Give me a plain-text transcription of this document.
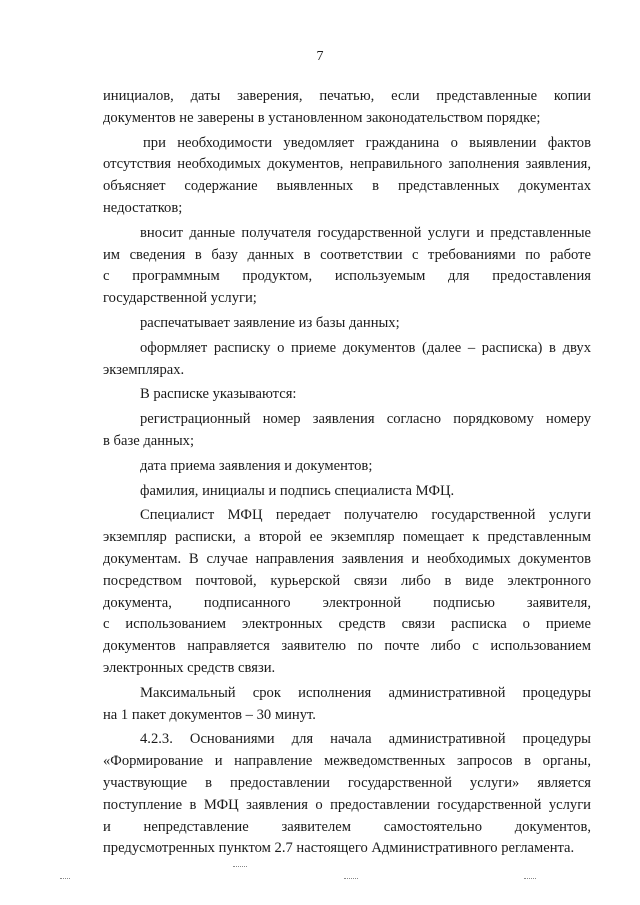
7

инициалов, даты заверения, печатью, если представленные копии
документов не заверены в установленном законодательством порядке;

при необходимости уведомляет гражданина о выявлении фактов
отсутствия необходимых документов, неправильного заполнения заявления,
объясняет содержание выявленных в представленных документах
недостатков;

вносит данные получателя государственной услуги и представленные
им сведения в базу данных в соответствии с требованиями по работе
с программным продуктом, используемым для предоставления
государственной услуги;

распечатывает заявление из базы данных;

оформляет расписку о приеме документов (далее – расписка) в двух
экземплярах.

В расписке указываются:

регистрационный номер заявления согласно порядковому номеру
в базе данных;

дата приема заявления и документов;

фамилия, инициалы и подпись специалиста МФЦ.

Специалист МФЦ передает получателю государственной услуги
экземпляр расписки, а второй ее экземпляр помещает к представленным
документам. В случае направления заявления и необходимых документов
посредством почтовой, курьерской связи либо в виде электронного
документа, подписанного электронной подписью заявителя,
с использованием электронных средств связи расписка о приеме
документов направляется заявителю по почте либо с использованием
электронных средств связи.

Максимальный срок исполнения административной процедуры
на 1 пакет документов – 30 минут.

4.2.3. Основаниями для начала административной процедуры
«Формирование и направление межведомственных запросов в органы,
участвующие в предоставлении государственной услуги» является
поступление в МФЦ заявления о предоставлении государственной услуги
и непредставление заявителем самостоятельно документов,
предусмотренных пунктом 2.7 настоящего Административного регламента.
